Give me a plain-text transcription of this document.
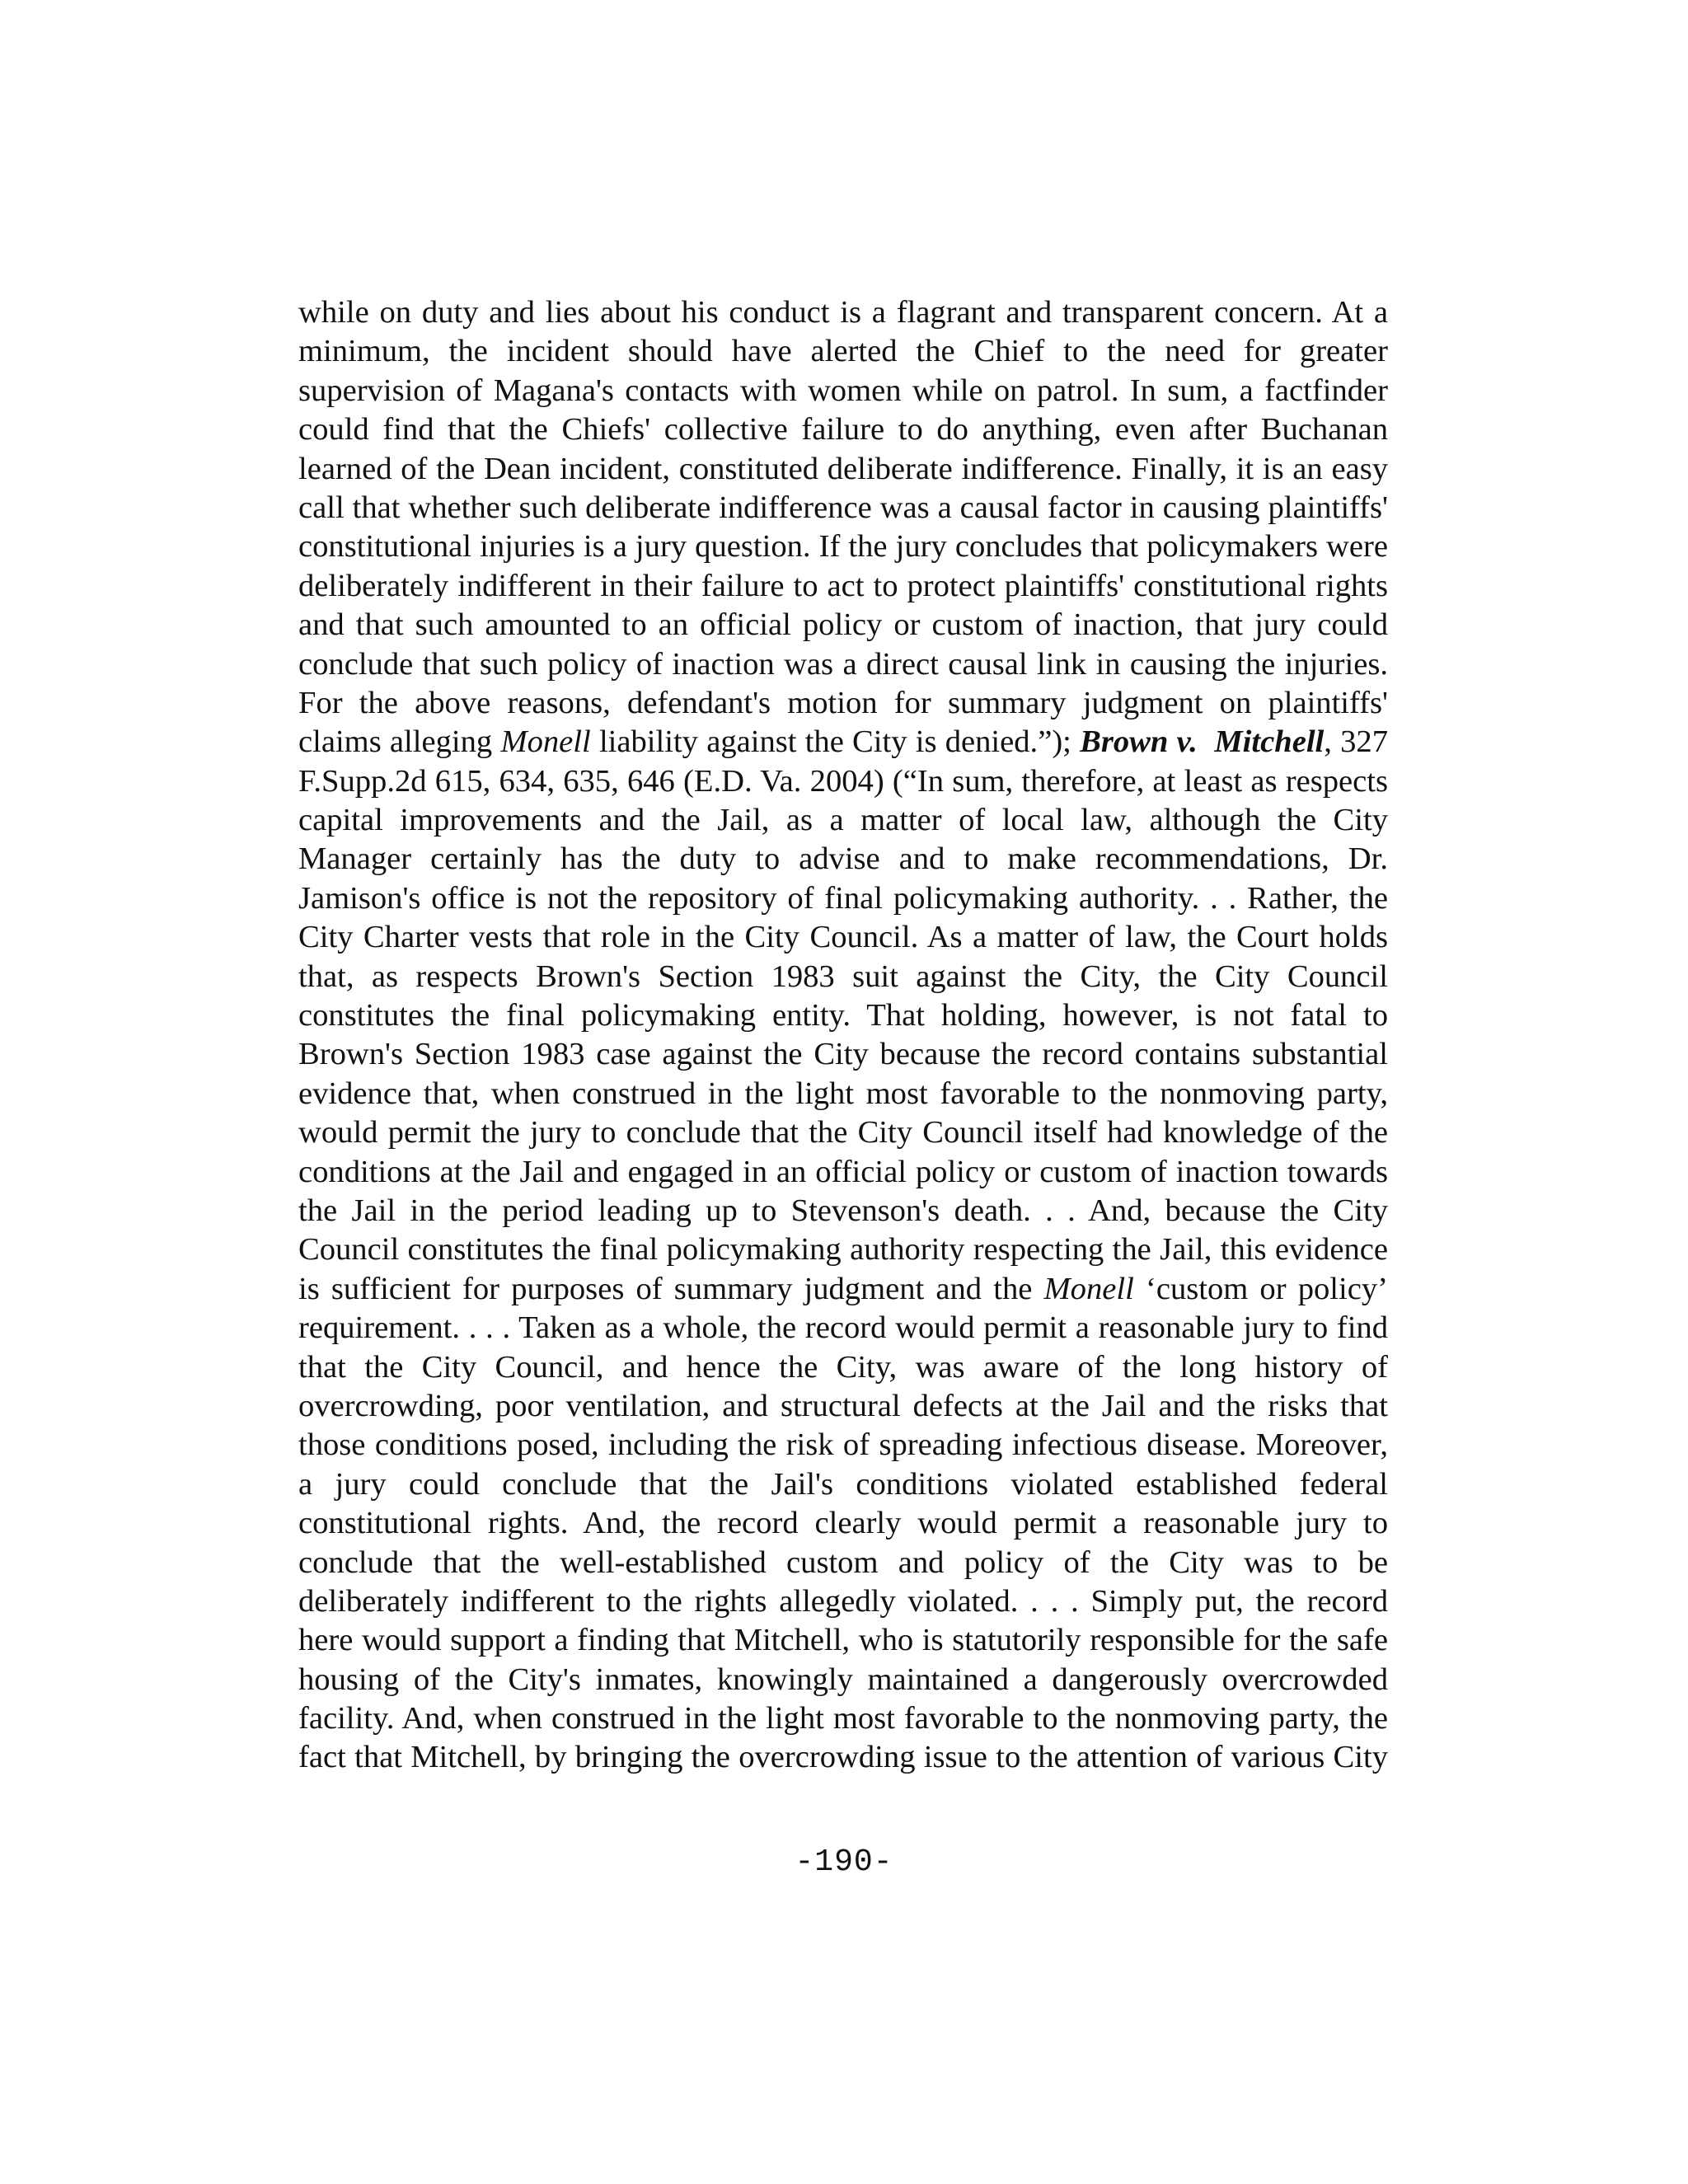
while on duty and lies about his conduct is a flagrant and transparent concern. At a
minimum, the incident should have alerted the Chief to the need for greater
supervision of Magana's contacts with women while on patrol. In sum, a factfinder
could find that the Chiefs' collective failure to do anything, even after Buchanan
learned of the Dean incident, constituted deliberate indifference. Finally, it is an easy
call that whether such deliberate indifference was a causal factor in causing plaintiffs'
constitutional injuries is a jury question. If the jury concludes that policymakers were
deliberately indifferent in their failure to act to protect plaintiffs' constitutional rights
and that such amounted to an official policy or custom of inaction, that jury could
conclude that such policy of inaction was a direct causal link in causing the injuries.
For the above reasons, defendant's motion for summary judgment on plaintiffs'
claims alleging Monell liability against the City is denied.”); Brown v.  Mitchell, 327
F.Supp.2d 615, 634, 635, 646 (E.D. Va. 2004) (“In sum, therefore, at least as respects
capital improvements and the Jail, as a matter of local law, although the City
Manager certainly has the duty to advise and to make recommendations, Dr.
Jamison's office is not the repository of final policymaking authority. . . Rather, the
City Charter vests that role in the City Council. As a matter of law, the Court holds
that, as respects Brown's Section 1983 suit against the City, the City Council
constitutes the final policymaking entity. That holding, however, is not fatal to
Brown's Section 1983 case against the City because the record contains substantial
evidence that, when construed in the light most favorable to the nonmoving party,
would permit the jury to conclude that the City Council itself had knowledge of the
conditions at the Jail and engaged in an official policy or custom of inaction towards
the Jail in the period leading up to Stevenson's death. . . And, because the City
Council constitutes the final policymaking authority respecting the Jail, this evidence
is sufficient for purposes of summary judgment and the Monell ‘custom or policy’
requirement. . . . Taken as a whole, the record would permit a reasonable jury to find
that the City Council, and hence the City, was aware of the long history of
overcrowding, poor ventilation, and structural defects at the Jail and the risks that
those conditions posed, including the risk of spreading infectious disease. Moreover,
a jury could conclude that the Jail's conditions violated established federal
constitutional rights. And, the record clearly would permit a reasonable jury to
conclude that the well-established custom and policy of the City was to be
deliberately indifferent to the rights allegedly violated. . . . Simply put, the record
here would support a finding that Mitchell, who is statutorily responsible for the safe
housing of the City's inmates, knowingly maintained a dangerously overcrowded
facility. And, when construed in the light most favorable to the nonmoving party, the
fact that Mitchell, by bringing the overcrowding issue to the attention of various City
-190-
